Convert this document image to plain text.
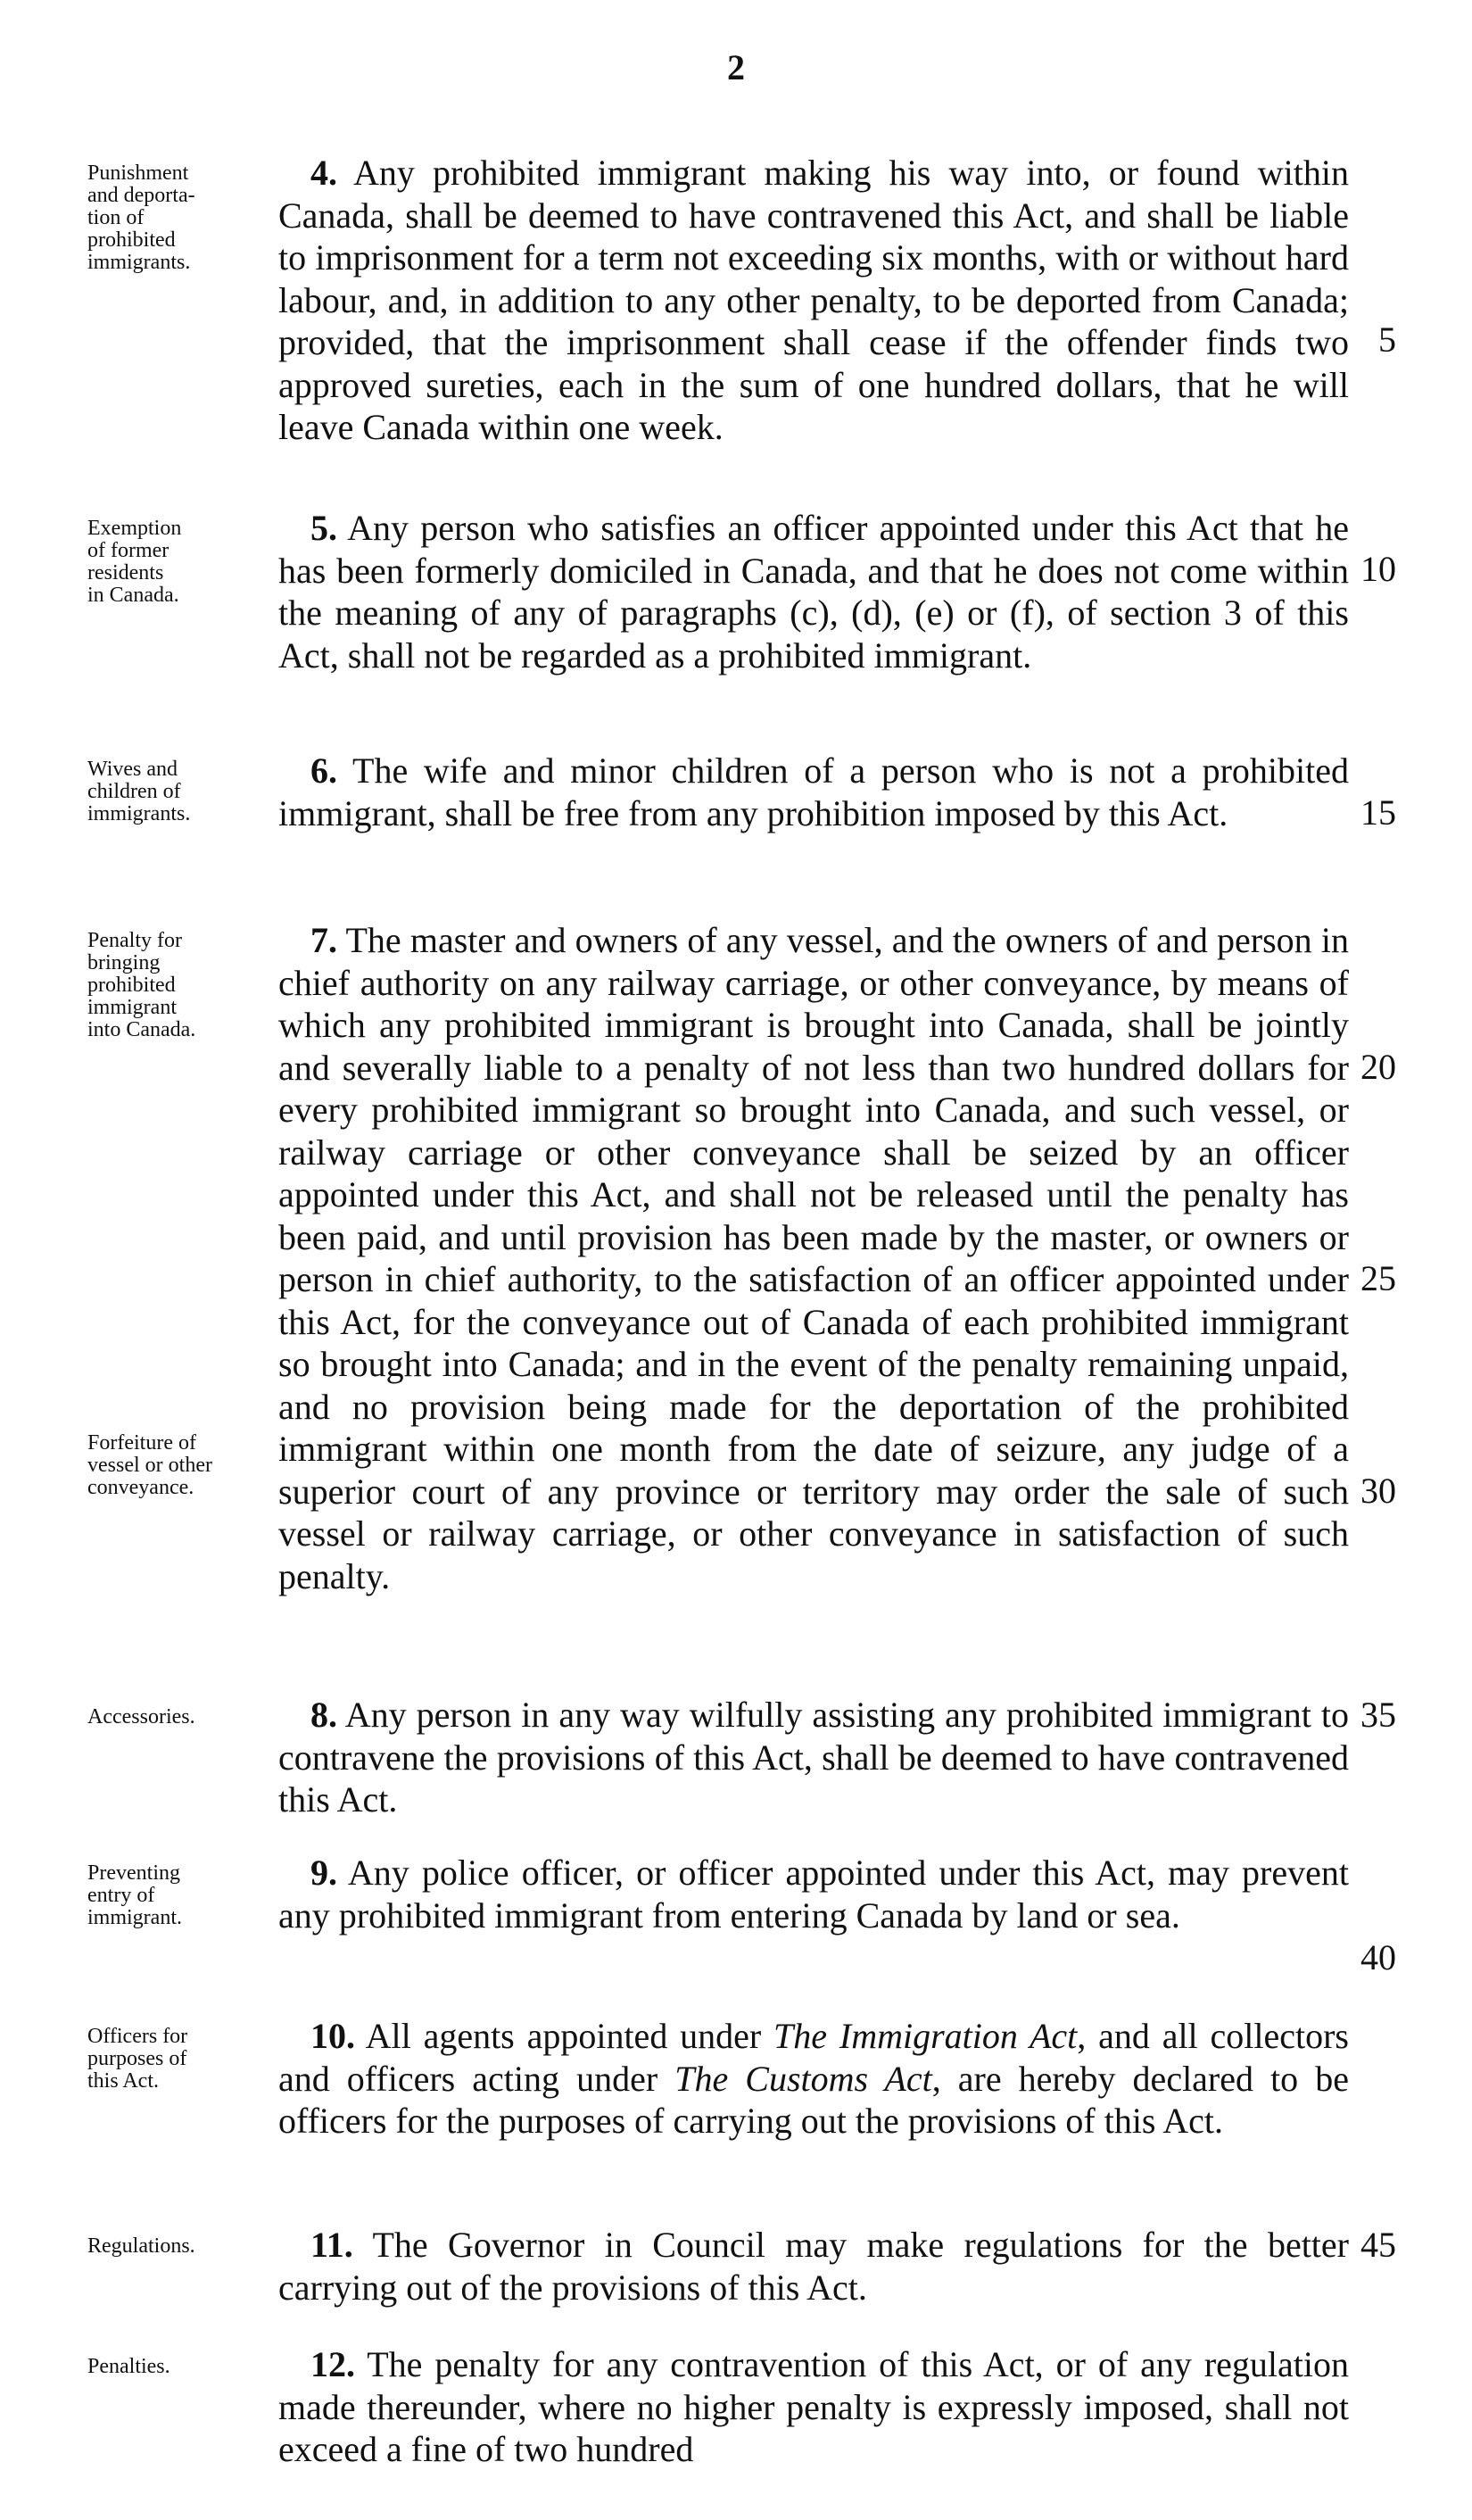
2
Punishment
and deporta-
tion of
prohibited
immigrants.

4. Any prohibited immigrant making his way into, or found within Canada, shall be deemed to have contravened this Act, and shall be liable to imprisonment for a term not exceeding six months, with or without hard labour, and, in addition to any other penalty, to be deported from Canada; provided, that the imprisonment shall cease if the offender finds two approved sureties, each in the sum of one hundred dollars, that he will leave Canada within one week.

Exemption
of former
residents
in Canada.

5. Any person who satisfies an officer appointed under this Act that he has been formerly domiciled in Canada, and that he does not come within the meaning of any of paragraphs (c), (d), (e) or (f), of section 3 of this Act, shall not be regarded as a prohibited immigrant.

Wives and
children of
immigrants.

6. The wife and minor children of a person who is not a prohibited immigrant, shall be free from any prohibition imposed by this Act.

Penalty for
bringing
prohibited
immigrant
into Canada.
Forfeiture of
vessel or other
conveyance.

7. The master and owners of any vessel, and the owners of and person in chief authority on any railway carriage, or other conveyance, by means of which any prohibited immigrant is brought into Canada, shall be jointly and severally liable to a penalty of not less than two hundred dollars for every prohibited immigrant so brought into Canada, and such vessel, or railway carriage or other conveyance shall be seized by an officer appointed under this Act, and shall not be released until the penalty has been paid, and until provision has been made by the master, or owners or person in chief authority, to the satisfaction of an officer appointed under this Act, for the conveyance out of Canada of each prohibited immigrant so brought into Canada; and in the event of the penalty remaining unpaid, and no provision being made for the deportation of the prohibited immigrant within one month from the date of seizure, any judge of a superior court of any province or territory may order the sale of such vessel or railway carriage, or other conveyance in satisfaction of such penalty.

Accessories.	8. Any person in any way wilfully assisting any prohibited immigrant to contravene the provisions of this Act, shall be deemed to have contravened this Act.

Preventing
entry of
immigrant.

9. Any police officer, or officer appointed under this Act, may prevent any prohibited immigrant from entering Canada by land or sea.

Officers for
purposes of
this Act.

10. All agents appointed under The Immigration Act, and all collectors and officers acting under The Customs Act, are hereby declared to be officers for the purposes of carrying out the provisions of this Act.

Regulations.	11. The Governor in Council may make regulations for the better carrying out of the provisions of this Act.

Penalties.	12. The penalty for any contravention of this Act, or of any regulation made thereunder, where no higher penalty is expressly imposed, shall not exceed a fine of two hundred

5
10
15
20
25
30
35
40
45
